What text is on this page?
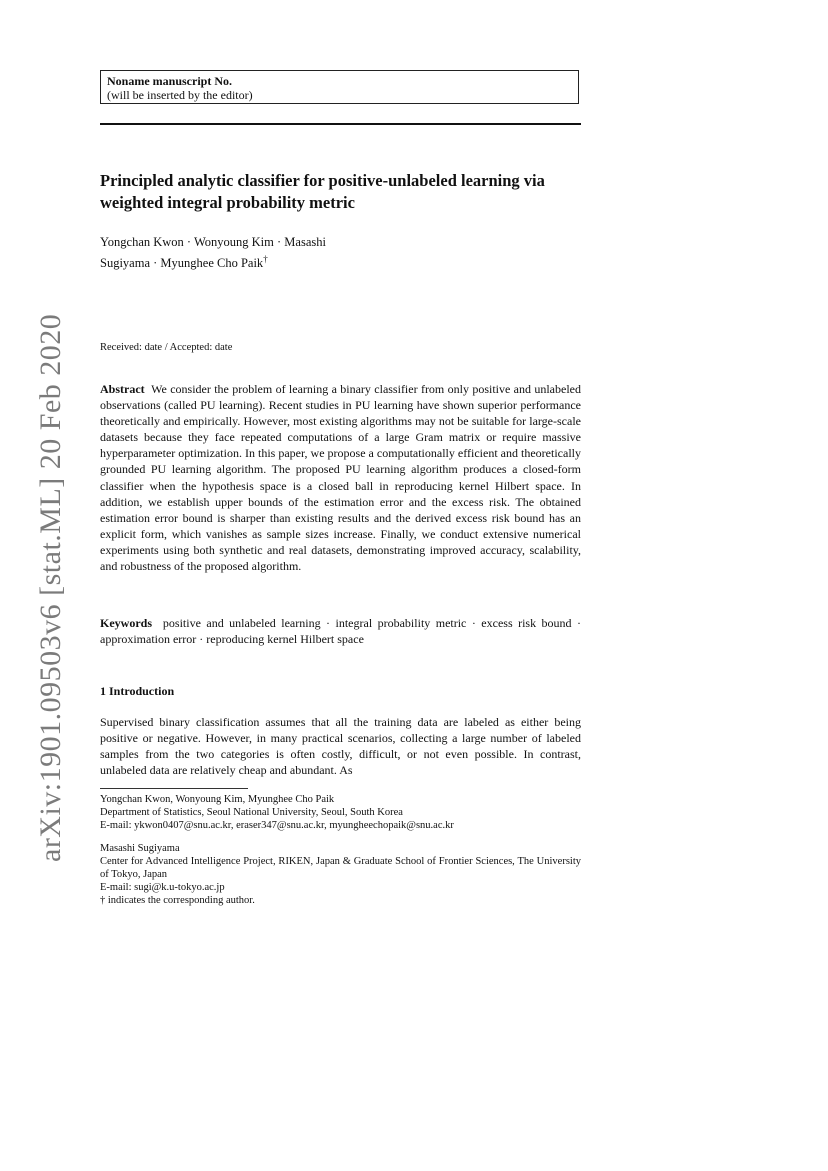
arXiv:1901.09503v6 [stat.ML] 20 Feb 2020
Noname manuscript No.
(will be inserted by the editor)
Principled analytic classifier for positive-unlabeled learning via weighted integral probability metric
Yongchan Kwon · Wonyoung Kim · Masashi
Sugiyama · Myunghee Cho Paik†
Received: date / Accepted: date

Abstract We consider the problem of learning a binary classifier from only positive and unlabeled observations (called PU learning). Recent studies in PU learning have shown superior performance theoretically and empirically. However, most existing algorithms may not be suitable for large-scale datasets because they face repeated computations of a large Gram matrix or require massive hyperparameter optimization. In this paper, we propose a computationally efficient and theoretically grounded PU learning algorithm. The proposed PU learning algorithm produces a closed-form classifier when the hypothesis space is a closed ball in reproducing kernel Hilbert space. In addition, we establish upper bounds of the estimation error and the excess risk. The obtained estimation error bound is sharper than existing results and the derived excess risk bound has an explicit form, which vanishes as sample sizes increase. Finally, we conduct extensive numerical experiments using both synthetic and real datasets, demonstrating improved accuracy, scalability, and robustness of the proposed algorithm.

Keywords positive and unlabeled learning · integral probability metric · excess risk bound · approximation error · reproducing kernel Hilbert space

1 Introduction

Supervised binary classification assumes that all the training data are labeled as either being positive or negative. However, in many practical scenarios, collecting a large number of labeled samples from the two categories is often costly, difficult, or not even possible. In contrast, unlabeled data are relatively cheap and abundant. As

Yongchan Kwon, Wonyoung Kim, Myunghee Cho Paik
Department of Statistics, Seoul National University, Seoul, South Korea
E-mail: ykwon0407@snu.ac.kr, eraser347@snu.ac.kr, myungheechopaik@snu.ac.kr
Masashi Sugiyama
Center for Advanced Intelligence Project, RIKEN, Japan & Graduate School of Frontier Sciences, The University of Tokyo, Japan
E-mail: sugi@k.u-tokyo.ac.jp
† indicates the corresponding author.
